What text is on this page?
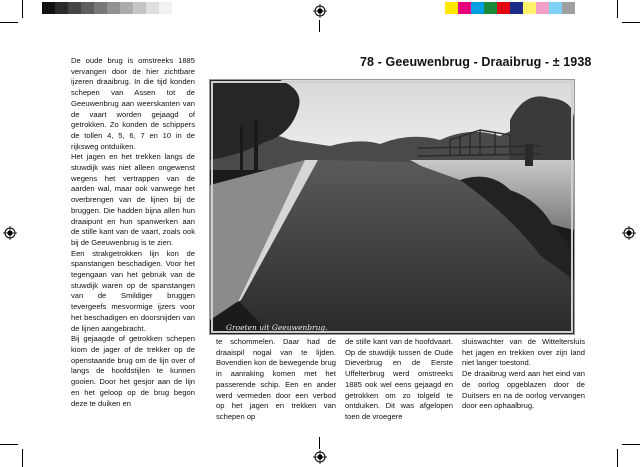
78 - Geeuwenbrug - Draaibrug - ± 1938
Groeten uit Geeuwenbrug.

De oude brug is omstreeks 1885 vervangen door de hier zichtbare ijzeren draaibrug. In die tijd konden schepen van Assen tot de Geeuwenbrug aan weerskanten van de vaart worden gejaagd of getrokken. Zo konden de schippers de tollen 4, 5, 6, 7 en 10 in de rijksweg ontduiken.

Het jagen en het trekken langs de stuwdijk was niet alleen ongewenst wegens het vertrappen van de aarden wal, maar ook vanwege het overbrengen van de lijnen bij de bruggen. Die hadden bijna allen hun draaipunt en hun spanwerken aan de stille kant van de vaart, zoals ook bij de Geeuwenbrug is te zien.

Een strakgetrokken lijn kon de spanstangen beschadigen. Voor het tegengaan van het gebruik van de stuwdijk waren op de spanstangen van de Smildiger bruggen tevergeefs mesvormige ijzers voor het beschadigen en doorsnijden van de lijnen aangebracht.

Bij gejaagde of getrokken schepen kiom de jager of de trekker op de openstaande brug om de lijn over of langs de hoofdstijlen te kunnen gooien. Door het gesjor aan de lijn en het geloop op de brug begon deze te duiken en

te schommelen. Daar had de draaispil nogal van te lijden. Bovendien kon de bewegende brug in aanraking komen met het passerende schip. Een en ander werd vermeden door een verbod op het jagen en trekken van schepen op

de stille kant van de hoofdvaart. Op de stuwdijk tussen de Oude Dieverbrug en de Eerste Uffelterbrug werd omstreeks 1885 ook wel eens gejaagd en getrokken om zo tolgeld te ontduiken. Dit was afgelopen toen de vroegere

sluiswachter van de Witteltersluis het jagen en trekken over zijn land niet langer toestond.

De draaibrug werd aan het eind van de oorlog opgeblazen door de Duitsers en na de oorlog vervangen door een ophaalbrug.
